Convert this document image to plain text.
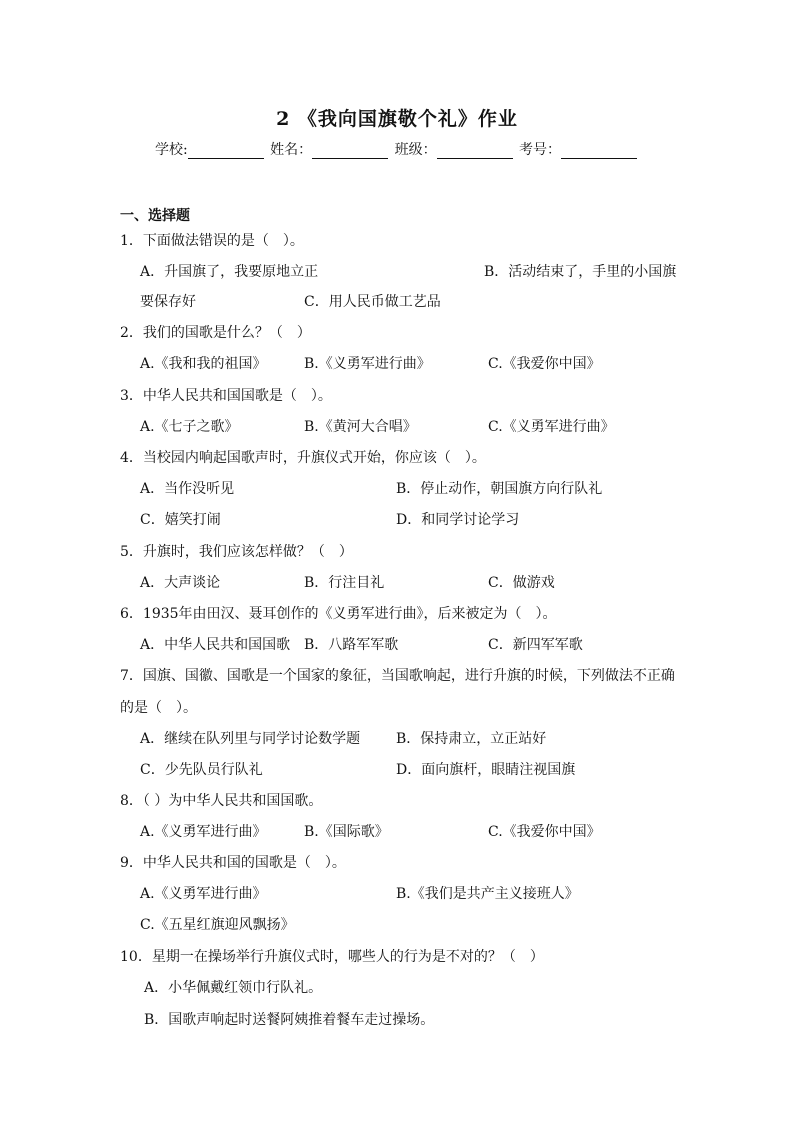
2 《我向国旗敬个礼》作业
学校:	姓名：	班级：	考号：
一、选择题
1．下面做法错误的是（　）。
A．升国旗了，我要原地立正	B．活动结束了，手里的小国旗
要保存好	C．用人民币做工艺品
2．我们的国歌是什么？（　）
A.《我和我的祖国》	B.《义勇军进行曲》	C.《我爱你中国》
3．中华人民共和国国歌是（　）。
A.《七子之歌》	B.《黄河大合唱》	C.《义勇军进行曲》
4．当校园内响起国歌声时，升旗仪式开始，你应该（　）。
A．当作没听见	B．停止动作，朝国旗方向行队礼
C．嬉笑打闹	D．和同学讨论学习
5．升旗时，我们应该怎样做？（　）
A．大声谈论	B．行注目礼	C．做游戏
6．1935年由田汉、聂耳创作的《义勇军进行曲》，后来被定为（　）。
A．中华人民共和国国歌 B．八路军军歌	C．新四军军歌
7．国旗、国徽、国歌是一个国家的象征，当国歌响起，进行升旗的时候，下列做法不正确
的是（　）。
A．继续在队列里与同学讨论数学题	B．保持肃立，立正站好
C．少先队员行队礼	D．面向旗杆，眼睛注视国旗
8．（ ）为中华人民共和国国歌。
A.《义勇军进行曲》	B.《国际歌》	C.《我爱你中国》
9．中华人民共和国的国歌是（　）。
A.《义勇军进行曲》	B.《我们是共产主义接班人》
C.《五星红旗迎风飘扬》
10．星期一在操场举行升旗仪式时，哪些人的行为是不对的？（　）
A．小华佩戴红领巾行队礼。
B．国歌声响起时送餐阿姨推着餐车走过操场。
